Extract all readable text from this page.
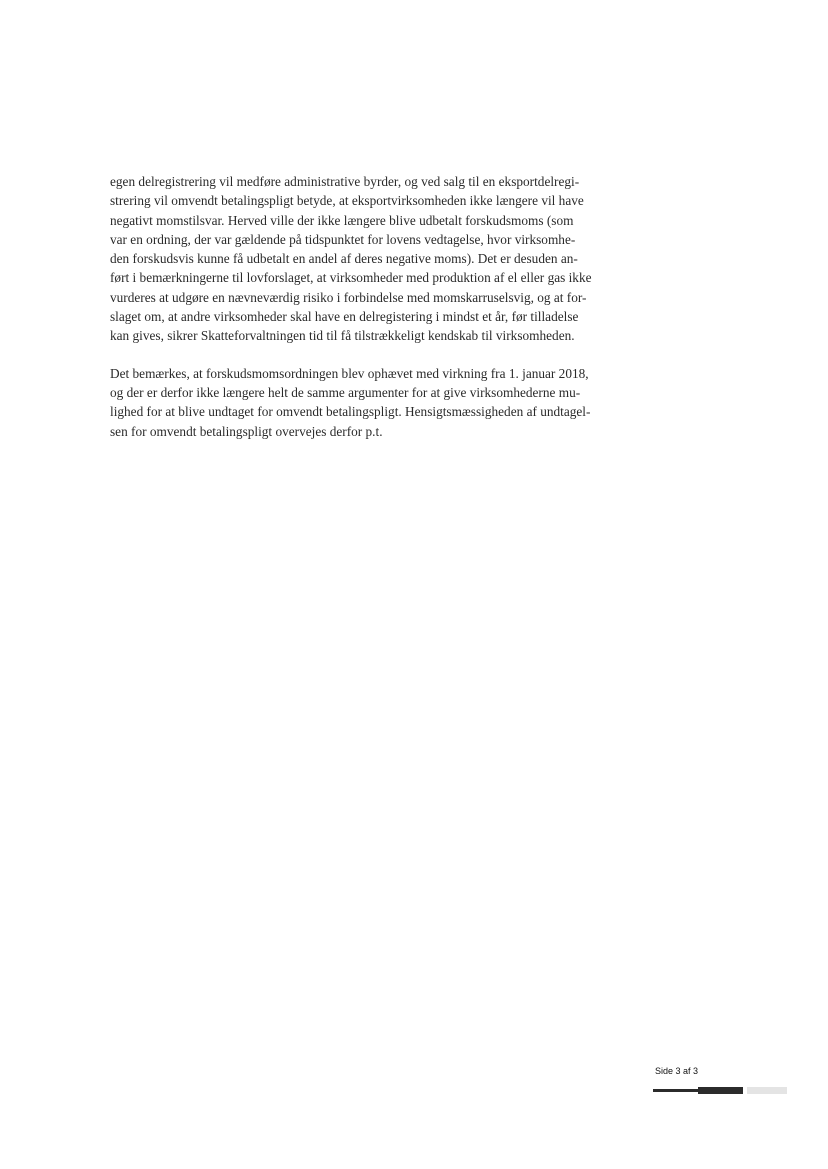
egen delregistrering vil medføre administrative byrder, og ved salg til en eksportdelregi-
strering vil omvendt betalingspligt betyde, at eksportvirksomheden ikke længere vil have
negativt momstilsvar. Herved ville der ikke længere blive udbetalt forskudsmoms (som
var en ordning, der var gældende på tidspunktet for lovens vedtagelse, hvor virksomhe-
den forskudsvis kunne få udbetalt en andel af deres negative moms). Det er desuden an-
ført i bemærkningerne til lovforslaget, at virksomheder med produktion af el eller gas ikke
vurderes at udgøre en nævneværdig risiko i forbindelse med momskarruselsvig, og at for-
slaget om, at andre virksomheder skal have en delregistering i mindst et år, før tilladelse
kan gives, sikrer Skatteforvaltningen tid til få tilstrækkeligt kendskab til virksomheden.

Det bemærkes, at forskudsmomsordningen blev ophævet med virkning fra 1. januar 2018,
og der er derfor ikke længere helt de samme argumenter for at give virksomhederne mu-
lighed for at blive undtaget for omvendt betalingspligt. Hensigtsmæssigheden af undtagel-
sen for omvendt betalingspligt overvejes derfor p.t.

Side 3 af 3
